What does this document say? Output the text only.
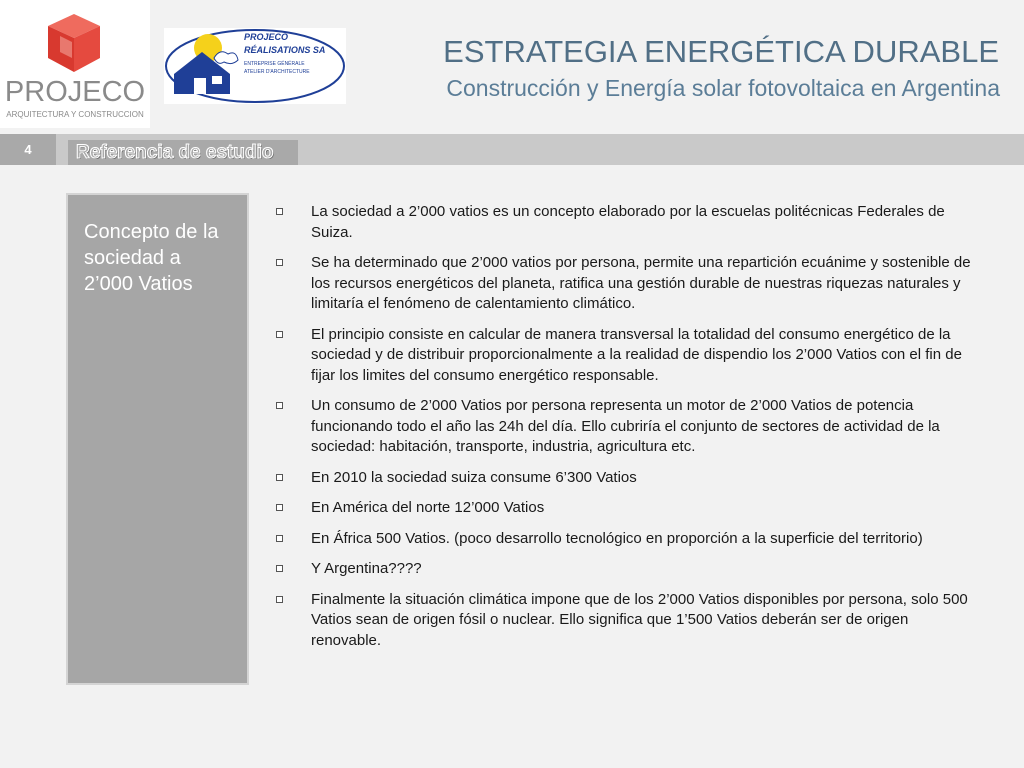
PROJECO
ARQUITECTURA Y CONSTRUCCION
PROJECO
RÉALISATIONS SA
ENTREPRISE GÉNÉRALE
ATELIER D'ARCHITECTURE
ESTRATEGIA ENERGÉTICA DURABLE
Construcción y Energía solar fotovoltaica en Argentina
4	Referencia de estudio
Concepto de la sociedad a 2’000 Vatios
La sociedad a 2’000 vatios es un concepto elaborado por la escuelas politécnicas Federales de Suiza.
Se ha determinado que 2’000 vatios por persona, permite una repartición ecuánime y sostenible de los recursos energéticos del planeta, ratifica una gestión durable de nuestras riquezas naturales y limitaría el fenómeno de calentamiento climático.
El principio consiste en calcular de manera transversal la totalidad del consumo energético de la sociedad y de distribuir proporcionalmente a la realidad de dispendio los 2’000 Vatios con el fin de fijar los limites del consumo energético responsable.
Un consumo de 2’000 Vatios por persona representa un motor de 2’000 Vatios de potencia funcionando todo el año las 24h del día. Ello cubriría el conjunto de sectores de actividad de la sociedad: habitación, transporte, industria, agricultura etc.
En 2010 la sociedad suiza consume 6’300 Vatios
En América del norte 12’000 Vatios
En África 500 Vatios. (poco desarrollo tecnológico en proporción a la superficie del territorio)
Y Argentina????
Finalmente la situación climática impone que de los 2’000 Vatios disponibles por persona, solo 500 Vatios sean de origen fósil o nuclear. Ello significa que 1’500 Vatios deberán ser de origen renovable.
